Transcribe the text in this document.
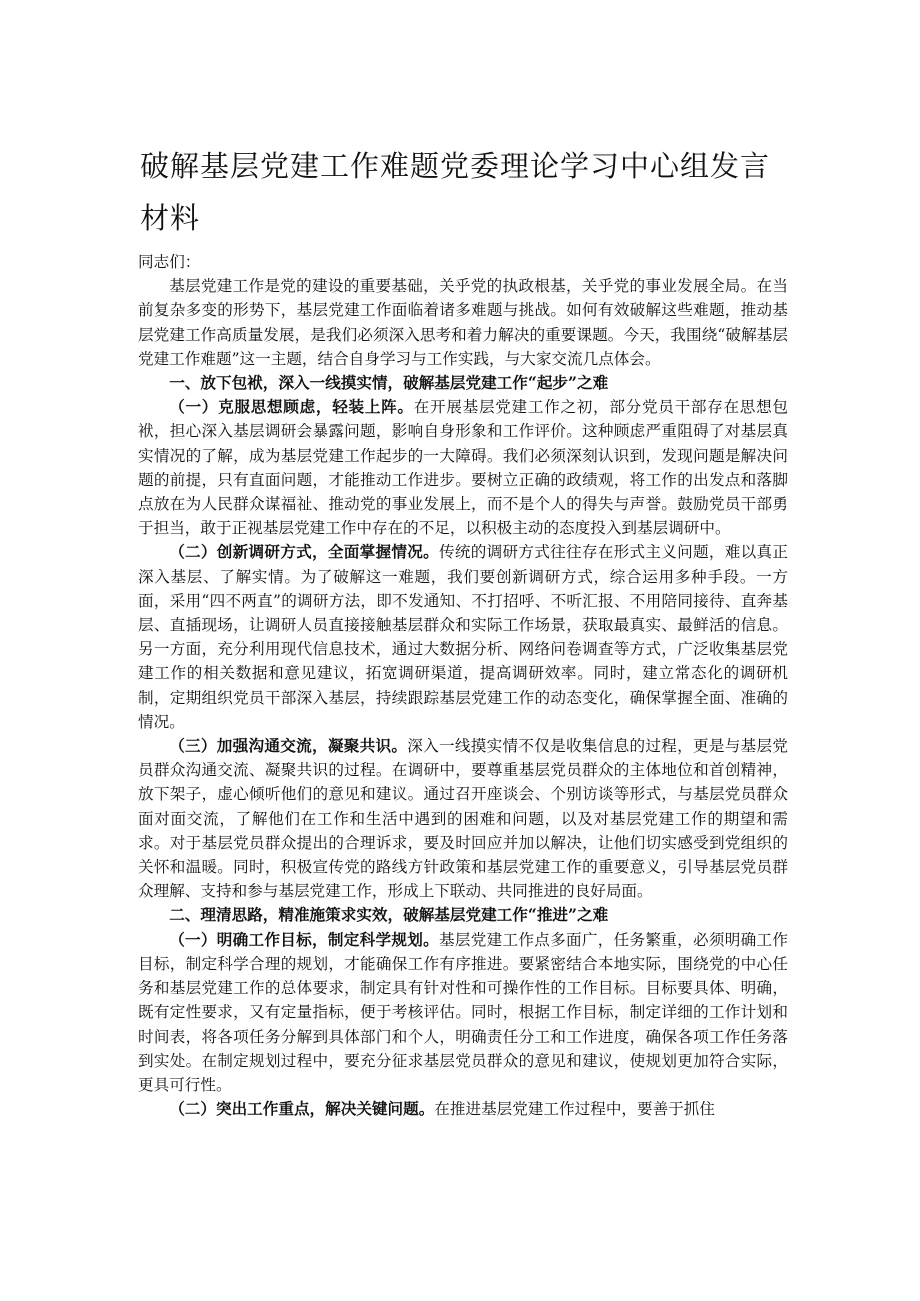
破解基层党建工作难题党委理论学习中心组发言材料

同志们：

基层党建工作是党的建设的重要基础，关乎党的执政根基，关乎党的事业发展全局。在当前复杂多变的形势下，基层党建工作面临着诸多难题与挑战。如何有效破解这些难题，推动基层党建工作高质量发展，是我们必须深入思考和着力解决的重要课题。今天，我围绕“破解基层党建工作难题”这一主题，结合自身学习与工作实践，与大家交流几点体会。

一、放下包袱，深入一线摸实情，破解基层党建工作“起步”之难

（一）克服思想顾虑，轻装上阵。在开展基层党建工作之初，部分党员干部存在思想包袱，担心深入基层调研会暴露问题，影响自身形象和工作评价。这种顾虑严重阻碍了对基层真实情况的了解，成为基层党建工作起步的一大障碍。我们必须深刻认识到，发现问题是解决问题的前提，只有直面问题，才能推动工作进步。要树立正确的政绩观，将工作的出发点和落脚点放在为人民群众谋福祉、推动党的事业发展上，而不是个人的得失与声誉。鼓励党员干部勇于担当，敢于正视基层党建工作中存在的不足，以积极主动的态度投入到基层调研中。

（二）创新调研方式，全面掌握情况。传统的调研方式往往存在形式主义问题，难以真正深入基层、了解实情。为了破解这一难题，我们要创新调研方式，综合运用多种手段。一方面，采用“四不两直”的调研方法，即不发通知、不打招呼、不听汇报、不用陪同接待、直奔基层、直插现场，让调研人员直接接触基层群众和实际工作场景，获取最真实、最鲜活的信息。另一方面，充分利用现代信息技术，通过大数据分析、网络问卷调查等方式，广泛收集基层党建工作的相关数据和意见建议，拓宽调研渠道，提高调研效率。同时，建立常态化的调研机制，定期组织党员干部深入基层，持续跟踪基层党建工作的动态变化，确保掌握全面、准确的情况。

（三）加强沟通交流，凝聚共识。深入一线摸实情不仅是收集信息的过程，更是与基层党员群众沟通交流、凝聚共识的过程。在调研中，要尊重基层党员群众的主体地位和首创精神，放下架子，虚心倾听他们的意见和建议。通过召开座谈会、个别访谈等形式，与基层党员群众面对面交流，了解他们在工作和生活中遇到的困难和问题，以及对基层党建工作的期望和需求。对于基层党员群众提出的合理诉求，要及时回应并加以解决，让他们切实感受到党组织的关怀和温暖。同时，积极宣传党的路线方针政策和基层党建工作的重要意义，引导基层党员群众理解、支持和参与基层党建工作，形成上下联动、共同推进的良好局面。

二、理清思路，精准施策求实效，破解基层党建工作“推进”之难

（一）明确工作目标，制定科学规划。基层党建工作点多面广，任务繁重，必须明确工作目标，制定科学合理的规划，才能确保工作有序推进。要紧密结合本地实际，围绕党的中心任务和基层党建工作的总体要求，制定具有针对性和可操作性的工作目标。目标要具体、明确，既有定性要求，又有定量指标，便于考核评估。同时，根据工作目标，制定详细的工作计划和时间表，将各项任务分解到具体部门和个人，明确责任分工和工作进度，确保各项工作任务落到实处。在制定规划过程中，要充分征求基层党员群众的意见和建议，使规划更加符合实际，更具可行性。

（二）突出工作重点，解决关键问题。在推进基层党建工作过程中，要善于抓住
